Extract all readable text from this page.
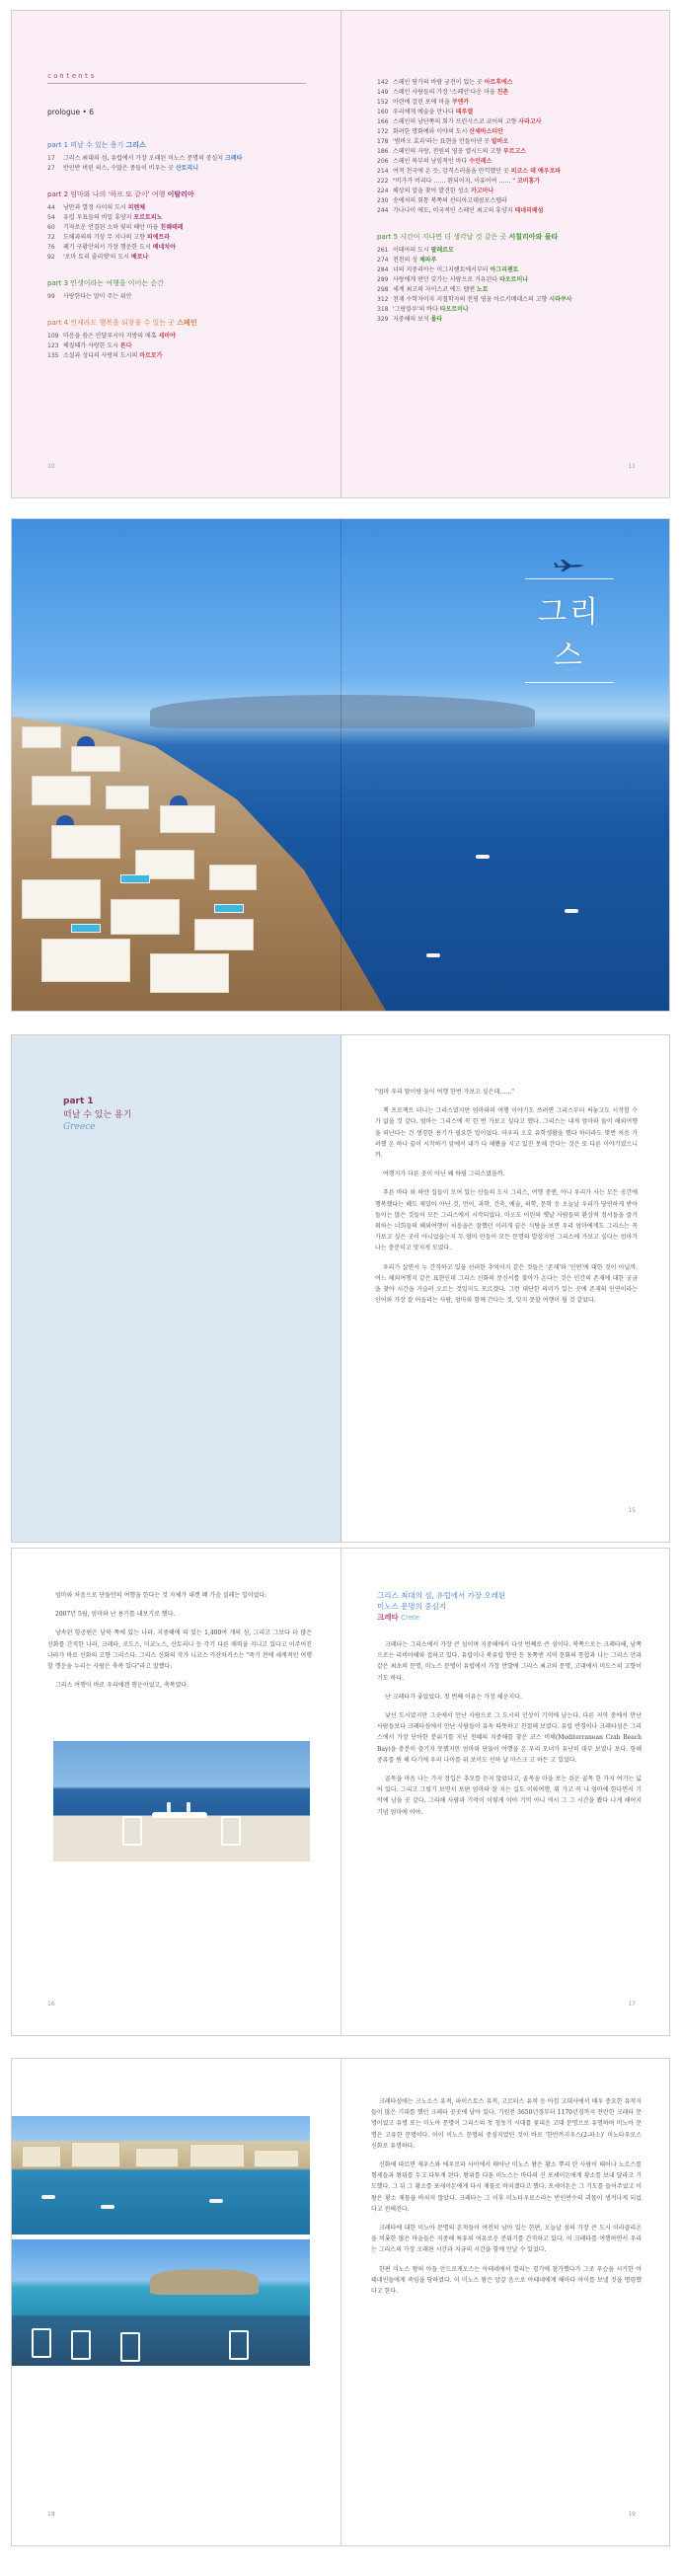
contents
prologue • 6
part 1 떠날 수 있는 용기 그리스
17 그리스 최대의 섬, 유럽에서 가장 오래된 미노스 문명의 중심지 크레타
27 반인반 버린 의스, 수많은 종들이 비우는 곳 산토리니
part 2 엄마와 나의 '하프 또 같이' 여행 이탈리아
44 낭만과 열정 사이의 도시 피렌체
54 유럽 우표들의 비밀 휴양지 포르토피노
60 기자로운 언결된 소하 빛의 해안 마을 친퀘테레
72 도해과의의 기상 무 지나의 고향 피에트라
76 페기 구황안의서 가장 행운한 도시 베네치아
92 '로마 토리 줄리엣'의 도시 베로나
part 3 인생이라는 여행을 이어는 순간
99 사랑한다는 말이 주는 위안
part 4 언제라도 행복을 되찾을 수 있는 곳 스페인
109 마음을 씀은 안달루시아 지방의 매혹 세비야
123 해질때가 사랑한 도시 론다
135 소설과 성디의 사랑의 도시의 마르로가
10
142 스페인 땅가의 바람 궁전이 있는 곳 아르후에스
149 스페인 사람들의 가장 '스페인'다운 마을 친촌
152 아련에 걸린 포에 마을 쿠엔카
160 우리에게 예술을 만나다 데루엘
166 스페인의 남단쪽의 회가 프린시스코 코어의 고향 사라고사
172 화려한 명화예와 이야의 도시 산세바스티안
178 '범바오 효과'라는 표현을 만들어낸 곳 빌바오
186 스페인의 자랑, 전원의 영웅 엘시드의 고향 부르고스
206 스페인 북부의 낭임적인 바다 수인레스
214 여적 천국에 온 듯, 감격스러움을 만끽했던 곳 피코스 데 예우로파
222 "비가가 비리다 …… 완되어지, 이유어여 …… " 코비홍가
224 해상의 얼을 찾아 발견한 성소 카고마나
230 송에처의 회통 북쪽의 산티아고데콤포스텔라
244 가나나이 에도, 이국적인 스페인 최고의 휴양지 테네리페섬
part 5 시간이 지나면 더 생각날 것 같은 곳 서칠리아와 몰타
261 이태아의 도시 팔레르모
274 천천의 성 체파루
284 너의 지중리아는 이그지핸토에서부터 아그리젠토
289 사랑에게 받던 갖가는 사람으로 거유된다 타오르미나
298 세계 최고의 자이스코 에드 텔엔 노토
312 천재 수학자이자 지철학자의 천핑 영웅 아르키메데스의 고향 시라쿠사
318 '그랑블루'의 바다 타오르미나
329 지중해의 보석 몰타
11
그리스
part 1
떠날 수 있는 용기
Greece

"엄마 우리 딸이랑 둘이 여행 한번 가보고 싶은데……"

책 프로젝트 더니는 그리스였지만 엄마와의 여행 이야기도 쓰려면 그리스부터 써놓고도 시작할 수가 없을 것 같다. 엄마는 그리스에 꼭 한 번 가보고 싶다고 했다. 그리스는 내게 엄마와 둘이 해외여행을 떠난다는 건 생경한 용기가 필요한 일이었다. 마우리 오호 유학생활을 했다 하더라도 몇번 처음 가려했 온 하나 끝이 시작하기 앞에서 내가 다 해봤을 지고 있진 못해 간다는 것은 또 다른 이야기였으니까.

여행지가 다른 곳이 아닌 왜 하필 그리스였을까.

푸른 바다 와 하얀 집들이 모여 있는 산들의 도시 그리스, 여행 중엔, 아니 우리가 사는 모든 공간에 행복했다는 혜도 재밌어 아닌 것, 먼어, 과학, 건축, 예술, 의학, 문학 등 오늘날 우리가 당연하게 받아들이는 많은 것들이 모든 그리스에서 시작되었다. 마오도 어린의 옛날 사람들의 환상적 정서들을 즐거워하는 너희들의 해외여행이 처음을은 잘했던 이러게 끝은 식탕을 보면 우리 엄마에게도 그리스는 꼭 가보고 싶은 곳이 아니었을는지 두 엄마 만들이 모든 문명의 발상지인 그리스에 가보고 싶다는 엄마가 나는 충분히고 맛지게 모였다.

우리가 살면서 누 간직하고 있을 선러한 추억이지 같은 것들은 '존재'와 '인연'에 대한 것이 아닐까. 여느 해외여행지 같은 표현인데 그리스 신화의 문신서를 찾아가 온다는 것은 인간의 존재에 대한 궁금을 찾아 시간을 거슬러 오르는 것일지도 모르겠다. 그런 대단한 의미가 있는 곳에 존재의 인연이라는 인어와 가장 잘 어울리는 사람, 엄마와 함께 간다는 것, 잊지 못할 여행이 될 것 같았다.

15

엄마와 처음으로 단둘만의 여행을 한다는 것 자체가 내겐 꽤 가슴 설레는 일이었다.

2007년 5월, 엄마와 난 용기를 내보기로 했다.

낭속된 항공편은 남북 쪽에 있는 나라. 지중해에 의 있는 1,400여 개의 섬, 그리고 그보다 더 많은 신화를 간직한 나라, 크레타, 로도스, 미코노스, 산토리니 등 각기 다른 매력을 지니고 있다고 이주어진 나라가 바로 신화의 고향 그리스다. 그리스 신화의 작가 니코스 카잔차키스는 "죽기 전에 세계적인 여행할 행운을 누리는 사람은 축복 있다"라고 말했다.

그리스 여행이 바로 우리에겐 행운이었고, 축복였다.

16
그리스 최대의 섬, 유럽에서 가장 오래된
미노스 문명의 중심지
크레타 Crete

크레타는 그리스에서 가장 큰 섬이며 지중해에서 다섯 번째로 큰 섬이다. 북쪽으로는 크레타해, 남쪽으로는 리비아해와 접하고 있다. 유럽이나 북유럽 향연 등 동쪽엔 지역 문화의 통합과 나는 그리스 안과 같은 최초의 문명, 미노스 문명이 유럽에서 가장 만발에 그리스 최고의 문명, 고대에서 미도스의 고향이기도 하다.

난 크레타가 좋았었다. 첫 번째 이유는 가장 해운지다.

낯선 도시였지만 그곳에서 만난 사람으로 그 도시의 인상이 기억에 남는다. 다른 지역 중에서 만난 사람들보다 크레타섬에서 만난 사람들이 유독 따뜻하고 친절해 보였다. 유럽 반경이나 크레타섬은 그리스에서 가장 단아한 분위기를 지닌 천혜의 지중해를 찾은 코스 비해(Mediterranean Crab Beach Bay)을 충분히 즐기지 못했지만 엄마와 단둘이 여행을 온 우리 모녀가 유난히 대부 보였나 보다. 항해중유를 뭔 해 타기에 우리 나이를 위 보이도 선하 날 마스크 고 하든 고 있었다.

골목을 마음 나는 가지 정입은 추모를 듣지 않았다고, 골목을 마을 보는 쉬운 골목 한 가지 여기는 넓어 있다. 그리고 그렇기 보면서 보편 엄마와 잘 지는 길도 이와여행, 뭐 가고 꼭 나 엄마에 한다면서 기억에 남을 곳 같다. 그리해 사람과 기억이 이렇게 이야 기억 아니 역시 그 그 시간을 봤다 나게 해어지 기념 엄마에 이야.

17
18

크레타섬에는 크노소스 유적, 파이스토스 유적, 고르티스 유적 등 아낌 고대사에서 매우 중요한 유적지들이 많은 기대를 했던 크레타 곳곳에 남아 있다. 기원전 3650년경부터 1170년경까지 찬란한 크레타 문명이었고 유명 또는 미노아 문명이 그리스의 첫 청동기 시대를 꽃피운 고대 문명으로 유명하며 미노아 문명은 고유한 문명이다. 이이 미노스 문명의 중심지였던 것이 바로 '한반까지우스(2-파소)' 미노타우로스 신화로 유명하다.

신화에 따르면 제우스와 에우로파 사이에서 태어난 미노스 왕은 황소 뿌리 탄 사람이 태어나 노르스를 형제들과 왕위를 두고 다투게 된다. 왕위를 다툰 미노스는 바다의 신 포세이돈에게 황소를 보내 달라고 기도했다. 그 뒤 그 황소를 포세이돈에게 다시 제물로 바치겠다고 했다. 포세이돈은 그 기도를 들어주었고 이 왕은 황소 제물을 바치지 않았다. 크레타는 그 이후 미노타우로스라는 반인반수의 괴물이 생겨나게 되었다고 전해진다.

크레타에 대한 미노아 문명의 흔적들이 여전히 남아 있는 한편, 오늘날 섬의 가장 큰 도시 이라클리온을 비롯한 많은 마을들은 지중해 특유의 여유로운 분위기를 간직하고 있다. 이 크레타를 여행하면서 우리는 그리스의 가장 오래된 시간과 지금의 시간을 함께 만날 수 있었다.

한편 미노스 왕의 아들 안드로게오스는 아테네에서 열리는 경기에 참가했다가 그곳 우승을 시기한 아테네인들에게 죽임을 당하였다. 이 미노스 왕은 앙갚 음으로 아테네에게 해마다 아이를 보낼 것을 명령했다고 한다.

19
